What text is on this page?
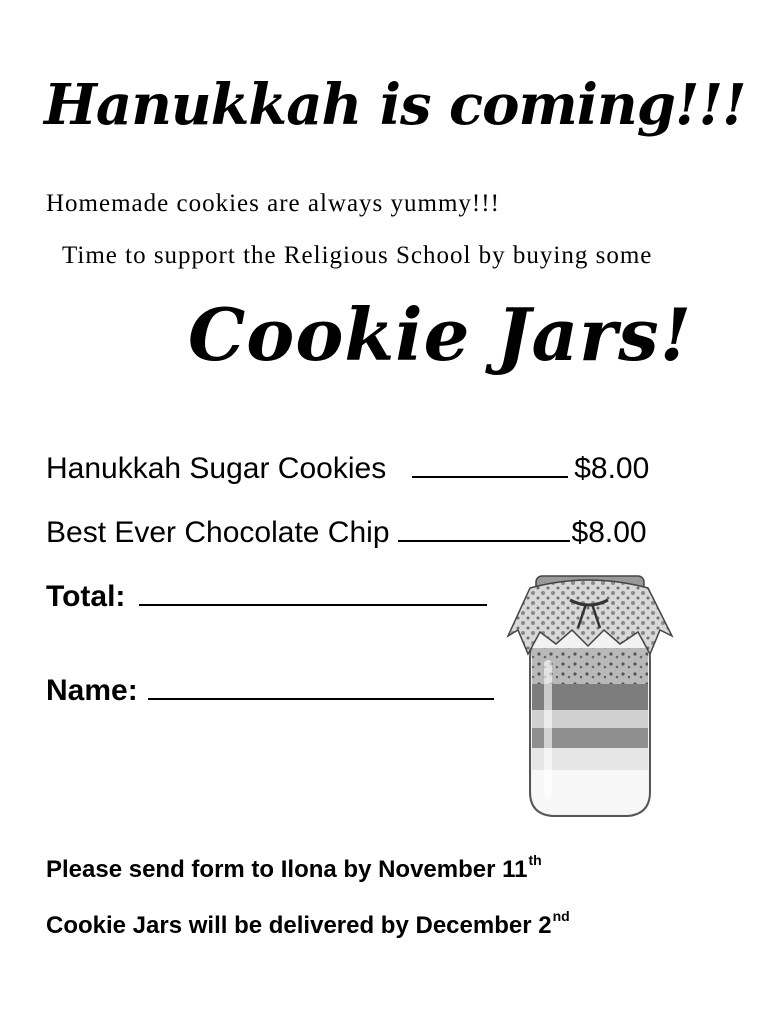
Hanukkah is coming!!!

Homemade cookies are always yummy!!!

Time to support the Religious School by buying some

Cookie Jars!

Hanukkah Sugar Cookies	$8.00

Best Ever Chocolate Chip	$8.00

Total:

Name:

Please send form to Ilona by November 11th

Cookie Jars will be delivered by December 2nd
